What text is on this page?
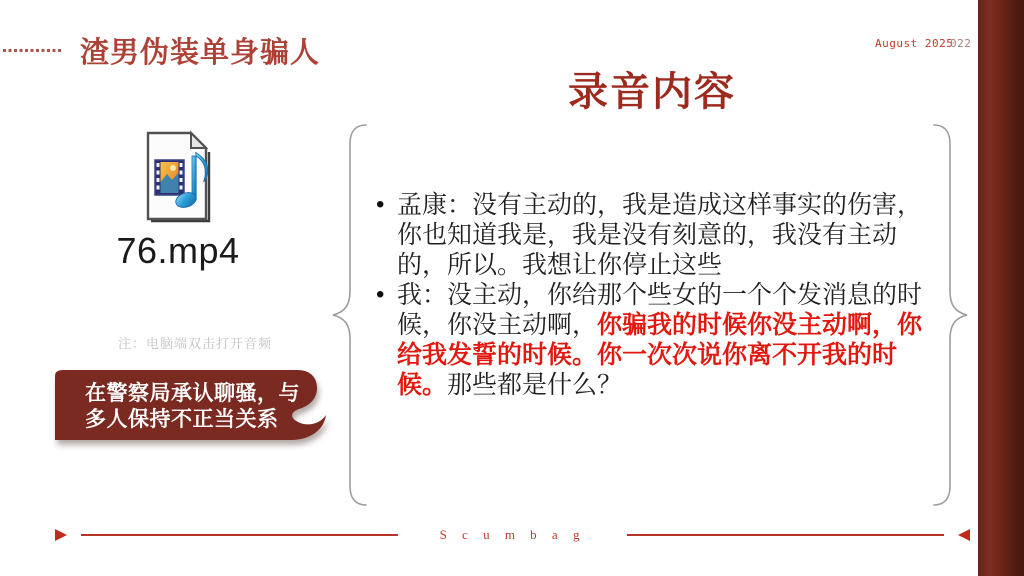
渣男伪装单身骗人	August 2025
022
录音内容
76.mp4
注：电脑端双击打开音频
在警察局承认聊骚，与多人保持不正当关系
• 孟康：没有主动的，我是造成这样事实的伤害，你也知道我是，我是没有刻意的，我没有主动的，所以。我想让你停止这些
• 我：没主动，你给那个些女的一个个发消息的时候，你没主动啊，你骗我的时候你没主动啊，你给我发誓的时候。你一次次说你离不开我的时候。那些都是什么？
S c u m b a g
